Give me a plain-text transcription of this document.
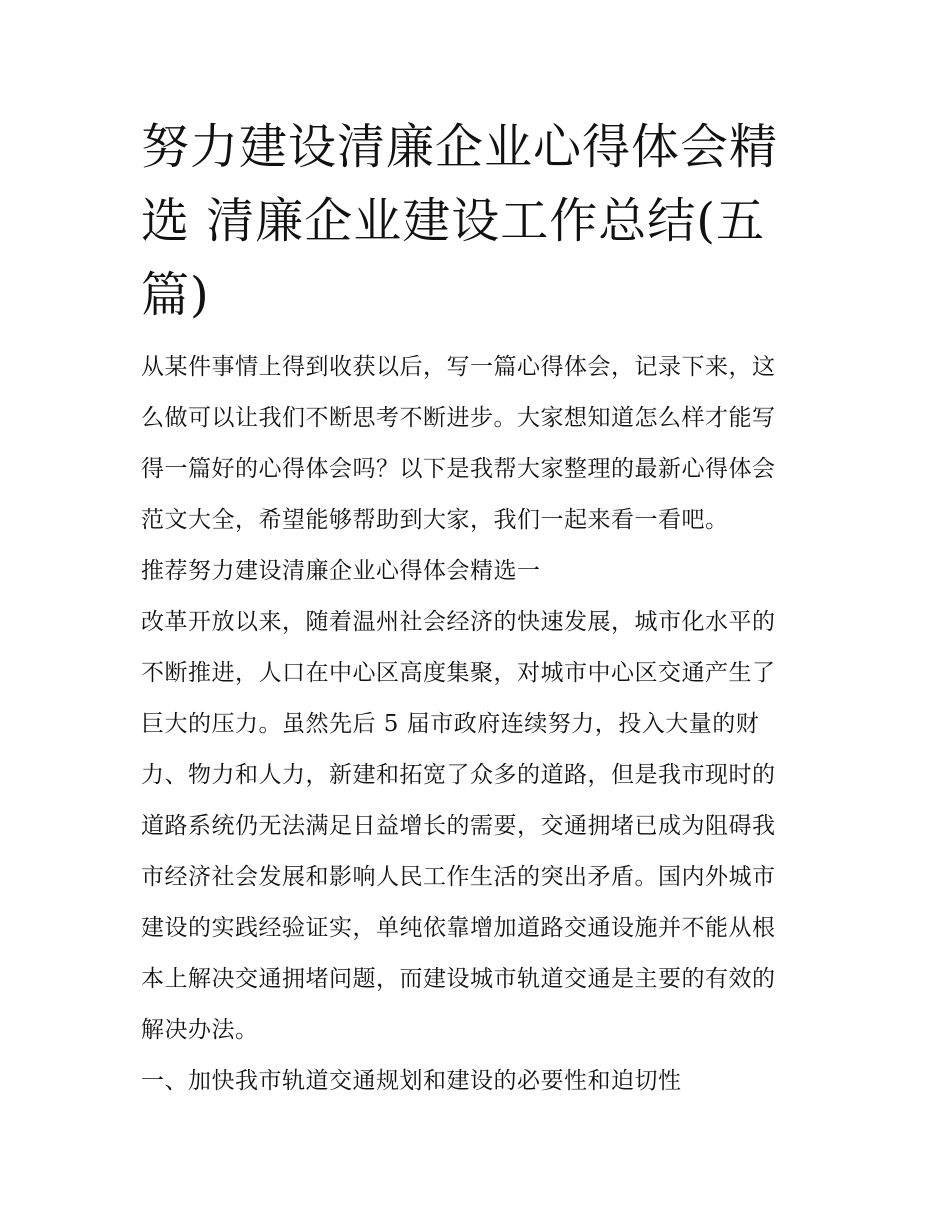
努力建设清廉企业心得体会精
选 清廉企业建设工作总结(五
篇)
从某件事情上得到收获以后，写一篇心得体会，记录下来，这
么做可以让我们不断思考不断进步。大家想知道怎么样才能写
得一篇好的心得体会吗？以下是我帮大家整理的最新心得体会
范文大全，希望能够帮助到大家，我们一起来看一看吧。
推荐努力建设清廉企业心得体会精选一
改革开放以来，随着温州社会经济的快速发展，城市化水平的
不断推进，人口在中心区高度集聚，对城市中心区交通产生了
巨大的压力。虽然先后 5 届市政府连续努力，投入大量的财
力、物力和人力，新建和拓宽了众多的道路，但是我市现时的
道路系统仍无法满足日益增长的需要，交通拥堵已成为阻碍我
市经济社会发展和影响人民工作生活的突出矛盾。国内外城市
建设的实践经验证实，单纯依靠增加道路交通设施并不能从根
本上解决交通拥堵问题，而建设城市轨道交通是主要的有效的
解决办法。
一、加快我市轨道交通规划和建设的必要性和迫切性
